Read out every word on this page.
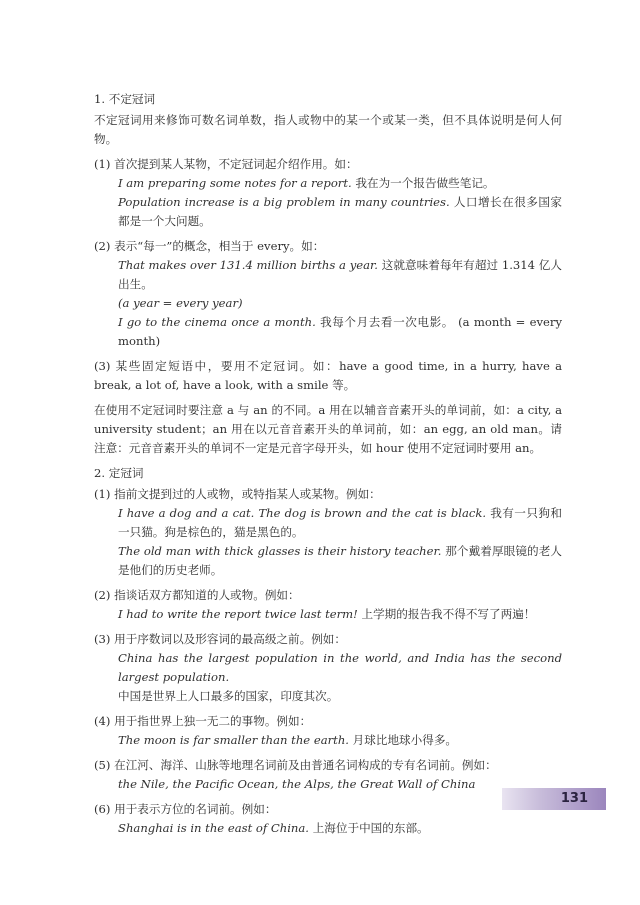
1. 不定冠词
不定冠词用来修饰可数名词单数，指人或物中的某一个或某一类，但不具体说明是何人何物。
(1) 首次提到某人某物，不定冠词起介绍作用。如：
I am preparing some notes for a report. 我在为一个报告做些笔记。
Population increase is a big problem in many countries. 人口增长在很多国家都是一个大问题。
(2) 表示“每一”的概念，相当于 every。如：
That makes over 131.4 million births a year. 这就意味着每年有超过 1.314 亿人出生。
(a year = every year)
I go to the cinema once a month. 我每个月去看一次电影。 (a month = every month)
(3) 某些固定短语中，要用不定冠词。如：have a good time, in a hurry, have a break, a lot of, have a look, with a smile 等。
在使用不定冠词时要注意 a 与 an 的不同。a 用在以辅音音素开头的单词前，如：a city, a university student；an 用在以元音音素开头的单词前，如：an egg, an old man。请注意：元音音素开头的单词不一定是元音字母开头，如 hour 使用不定冠词时要用 an。
2. 定冠词
(1) 指前文提到过的人或物，或特指某人或某物。例如：
I have a dog and a cat. The dog is brown and the cat is black. 我有一只狗和一只猫。狗是棕色的，猫是黑色的。
The old man with thick glasses is their history teacher. 那个戴着厚眼镜的老人是他们的历史老师。
(2) 指谈话双方都知道的人或物。例如：
I had to write the report twice last term! 上学期的报告我不得不写了两遍！
(3) 用于序数词以及形容词的最高级之前。例如：
China has the largest population in the world, and India has the second largest population.
中国是世界上人口最多的国家，印度其次。
(4) 用于指世界上独一无二的事物。例如：
The moon is far smaller than the earth. 月球比地球小得多。
(5) 在江河、海洋、山脉等地理名词前及由普通名词构成的专有名词前。例如：
the Nile, the Pacific Ocean, the Alps, the Great Wall of China
(6) 用于表示方位的名词前。例如：
Shanghai is in the east of China. 上海位于中国的东部。
131
